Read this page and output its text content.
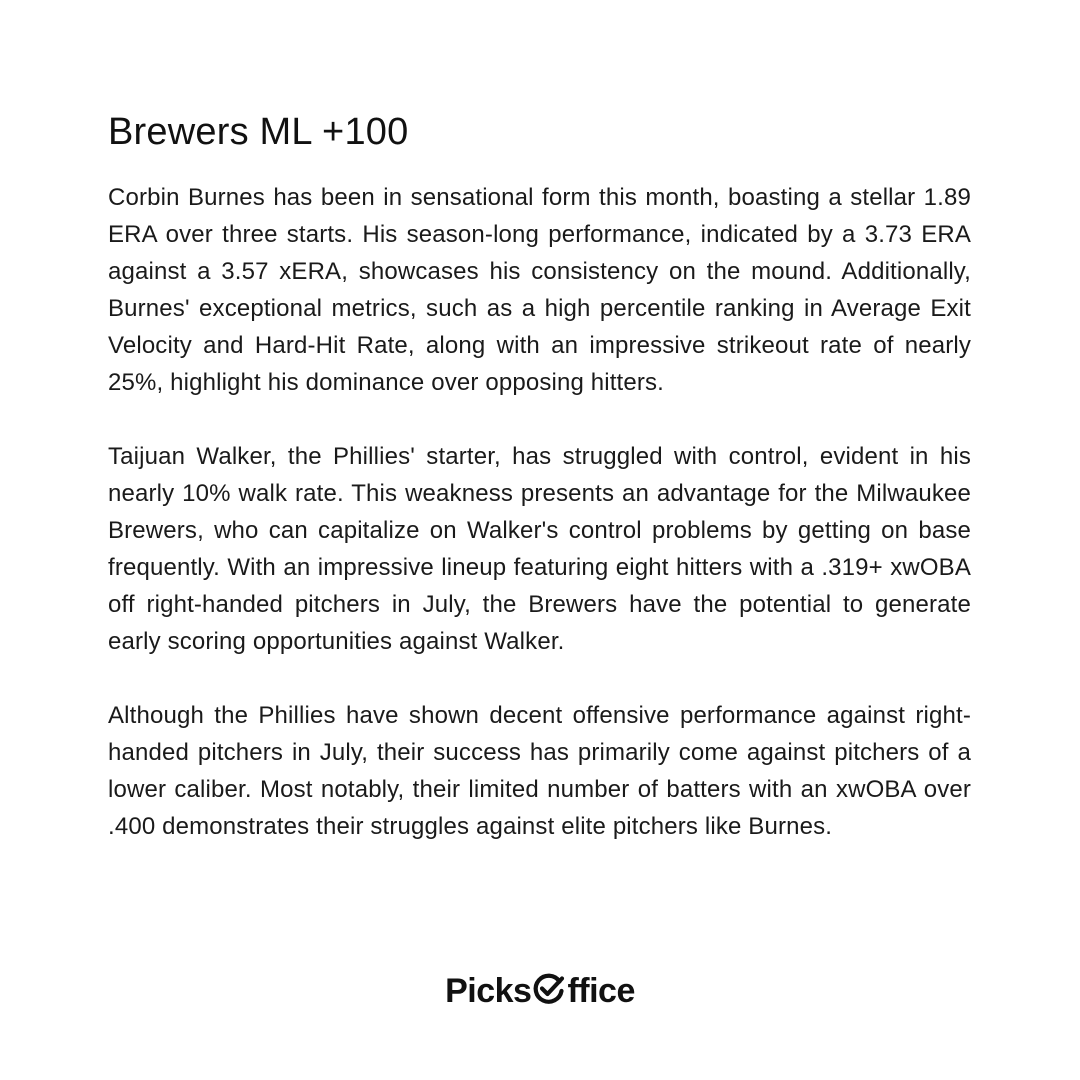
Brewers ML +100

Corbin Burnes has been in sensational form this month, boasting a stellar 1.89 ERA over three starts. His season-long performance, indicated by a 3.73 ERA against a 3.57 xERA, showcases his consistency on the mound. Additionally, Burnes' exceptional metrics, such as a high percentile ranking in Average Exit Velocity and Hard-Hit Rate, along with an impressive strikeout rate of nearly 25%, highlight his dominance over opposing hitters.

Taijuan Walker, the Phillies' starter, has struggled with control, evident in his nearly 10% walk rate. This weakness presents an advantage for the Milwaukee Brewers, who can capitalize on Walker's control problems by getting on base frequently. With an impressive lineup featuring eight hitters with a .319+ xwOBA off right-handed pitchers in July, the Brewers have the potential to generate early scoring opportunities against Walker.

Although the Phillies have shown decent offensive performance against right-handed pitchers in July, their success has primarily come against pitchers of a lower caliber. Most notably, their limited number of batters with an xwOBA over .400 demonstrates their struggles against elite pitchers like Burnes.

Picks ffice
